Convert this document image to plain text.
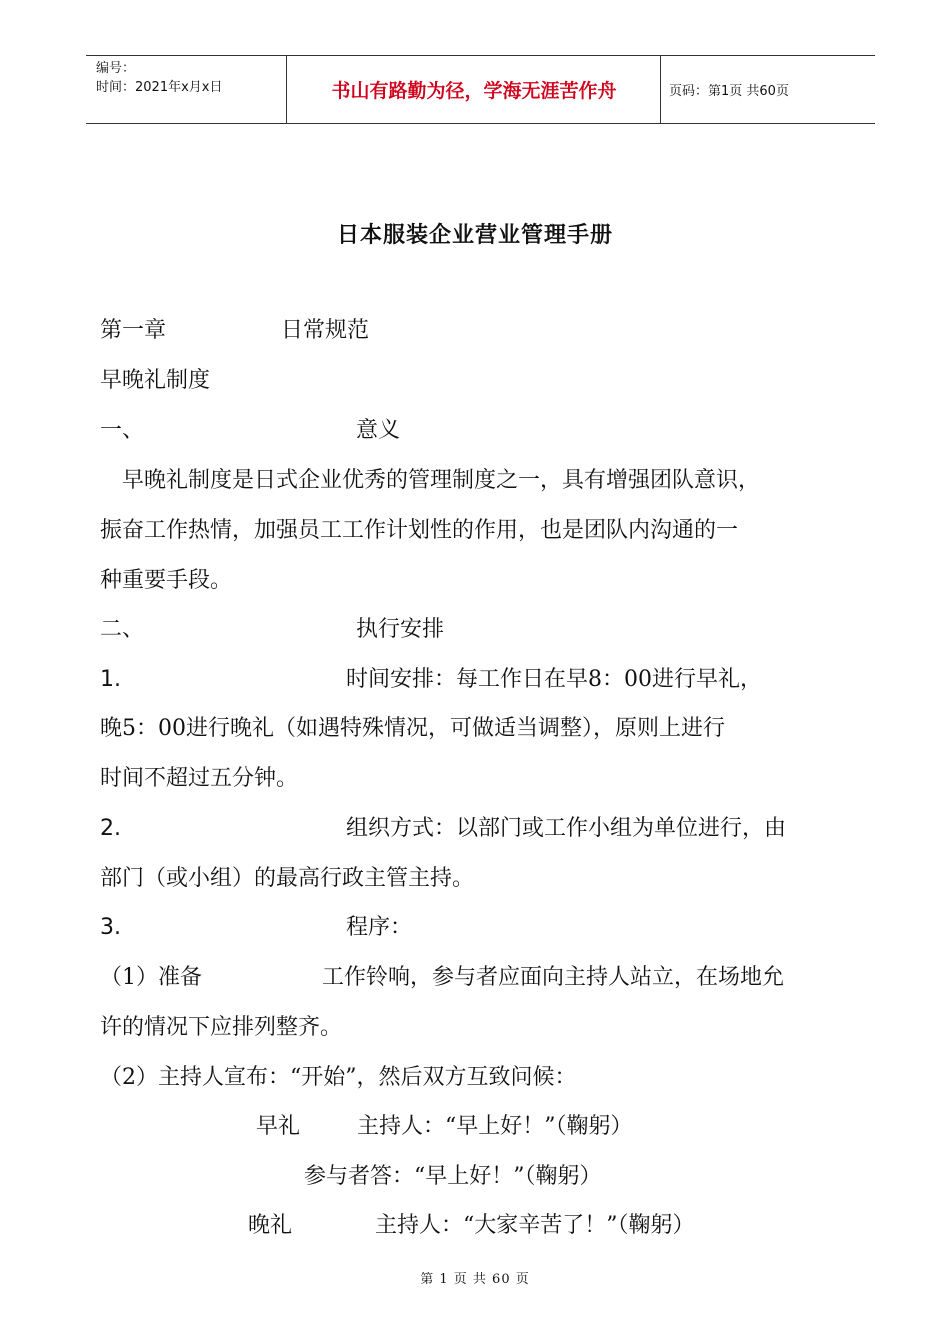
编号：
时间：2021年x月x日	书山有路勤为径，学海无涯苦作舟	页码：第1页 共60页
日本服装企业营业管理手册
第一章	日常规范
早晚礼制度
一、	意义
早晚礼制度是日式企业优秀的管理制度之一，具有增强团队意识，
振奋工作热情，加强员工工作计划性的作用，也是团队内沟通的一
种重要手段。
二、	执行安排
1.	时间安排：每工作日在早8：00进行早礼，
晚5：00进行晚礼（如遇特殊情况，可做适当调整），原则上进行
时间不超过五分钟。
2.	组织方式：以部门或工作小组为单位进行，由
部门（或小组）的最高行政主管主持。
3.	程序：
（1）准备	工作铃响，参与者应面向主持人站立，在场地允
许的情况下应排列整齐。
（2）主持人宣布：“开始”，然后双方互致问候：
早礼	主持人：“早上好！”（鞠躬）
参与者答：“早上好！”（鞠躬）
晚礼	主持人：“大家辛苦了！”（鞠躬）
第 1 页 共 60 页
